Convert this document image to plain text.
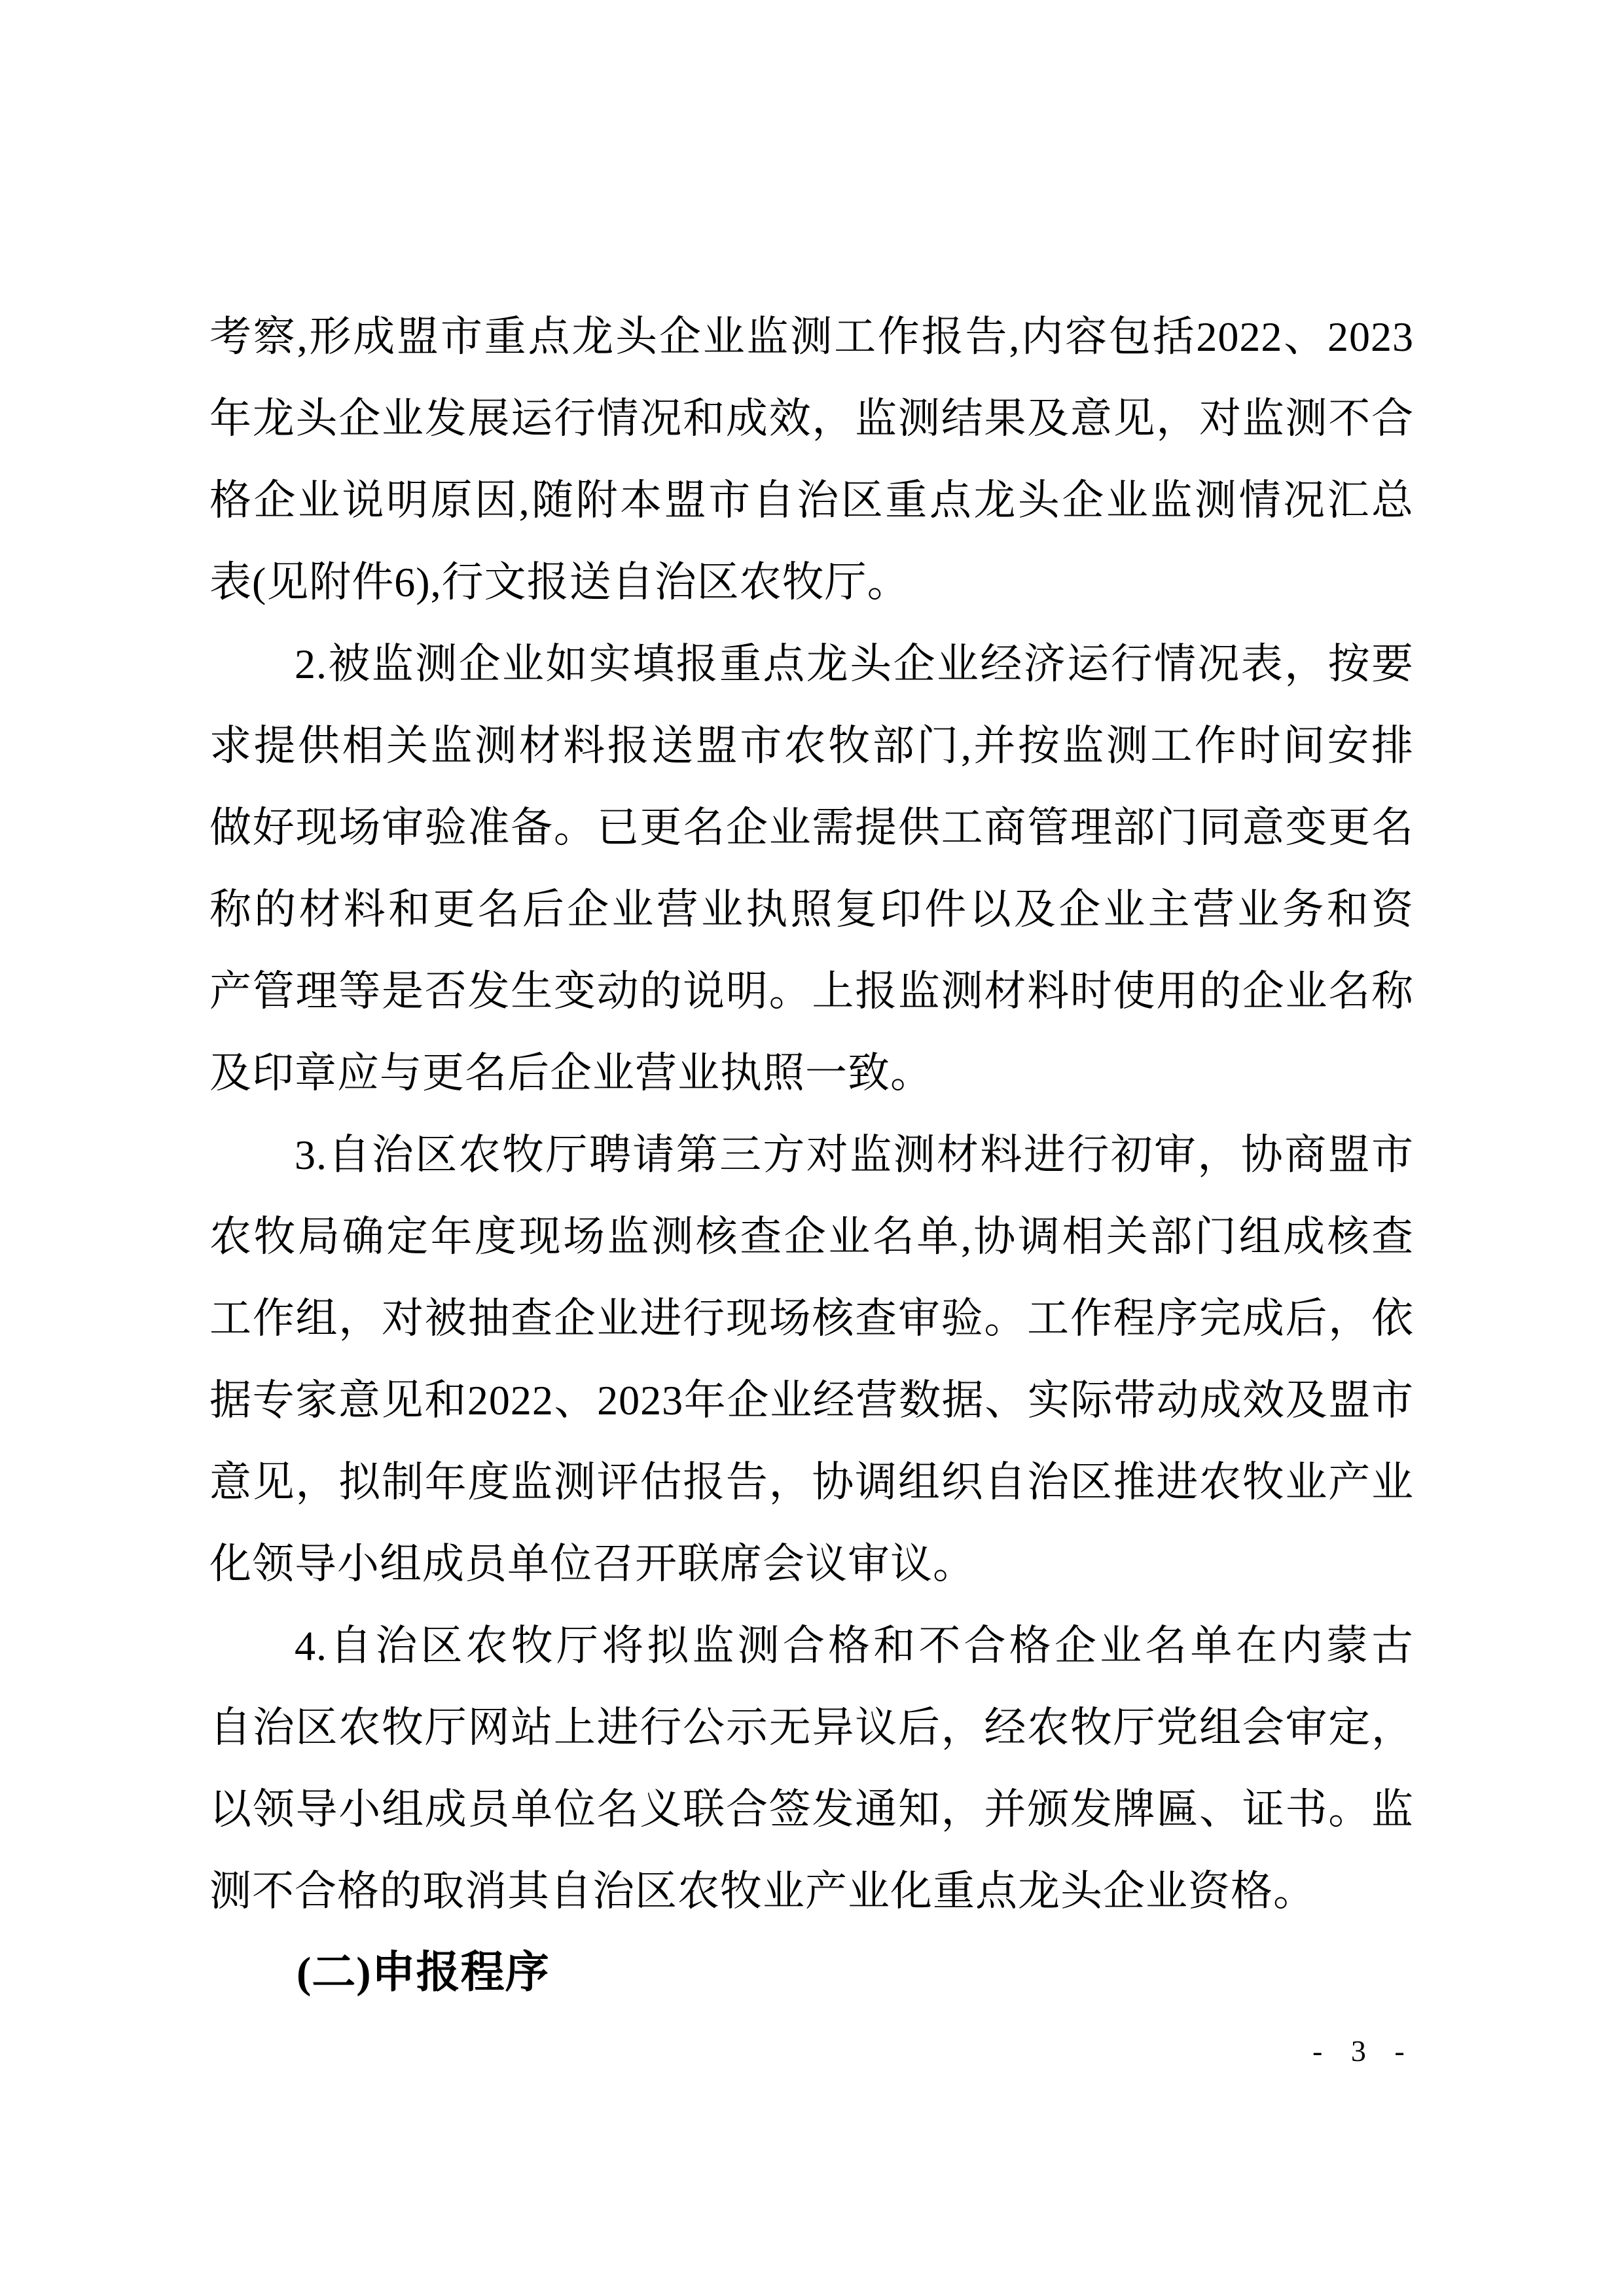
考察,形成盟市重点龙头企业监测工作报告,内容包括2022、2023
年龙头企业发展运行情况和成效，监测结果及意见，对监测不合
格企业说明原因,随附本盟市自治区重点龙头企业监测情况汇总
表(见附件6),行文报送自治区农牧厅。
2.被监测企业如实填报重点龙头企业经济运行情况表，按要
求提供相关监测材料报送盟市农牧部门,并按监测工作时间安排
做好现场审验准备。已更名企业需提供工商管理部门同意变更名
称的材料和更名后企业营业执照复印件以及企业主营业务和资
产管理等是否发生变动的说明。上报监测材料时使用的企业名称
及印章应与更名后企业营业执照一致。
3.自治区农牧厅聘请第三方对监测材料进行初审，协商盟市
农牧局确定年度现场监测核查企业名单,协调相关部门组成核查
工作组，对被抽查企业进行现场核查审验。工作程序完成后，依
据专家意见和2022、2023年企业经营数据、实际带动成效及盟市
意见，拟制年度监测评估报告，协调组织自治区推进农牧业产业
化领导小组成员单位召开联席会议审议。
4.自治区农牧厅将拟监测合格和不合格企业名单在内蒙古
自治区农牧厅网站上进行公示无异议后，经农牧厅党组会审定，
以领导小组成员单位名义联合签发通知，并颁发牌匾、证书。监
测不合格的取消其自治区农牧业产业化重点龙头企业资格。
(二)申报程序
- 3 -
